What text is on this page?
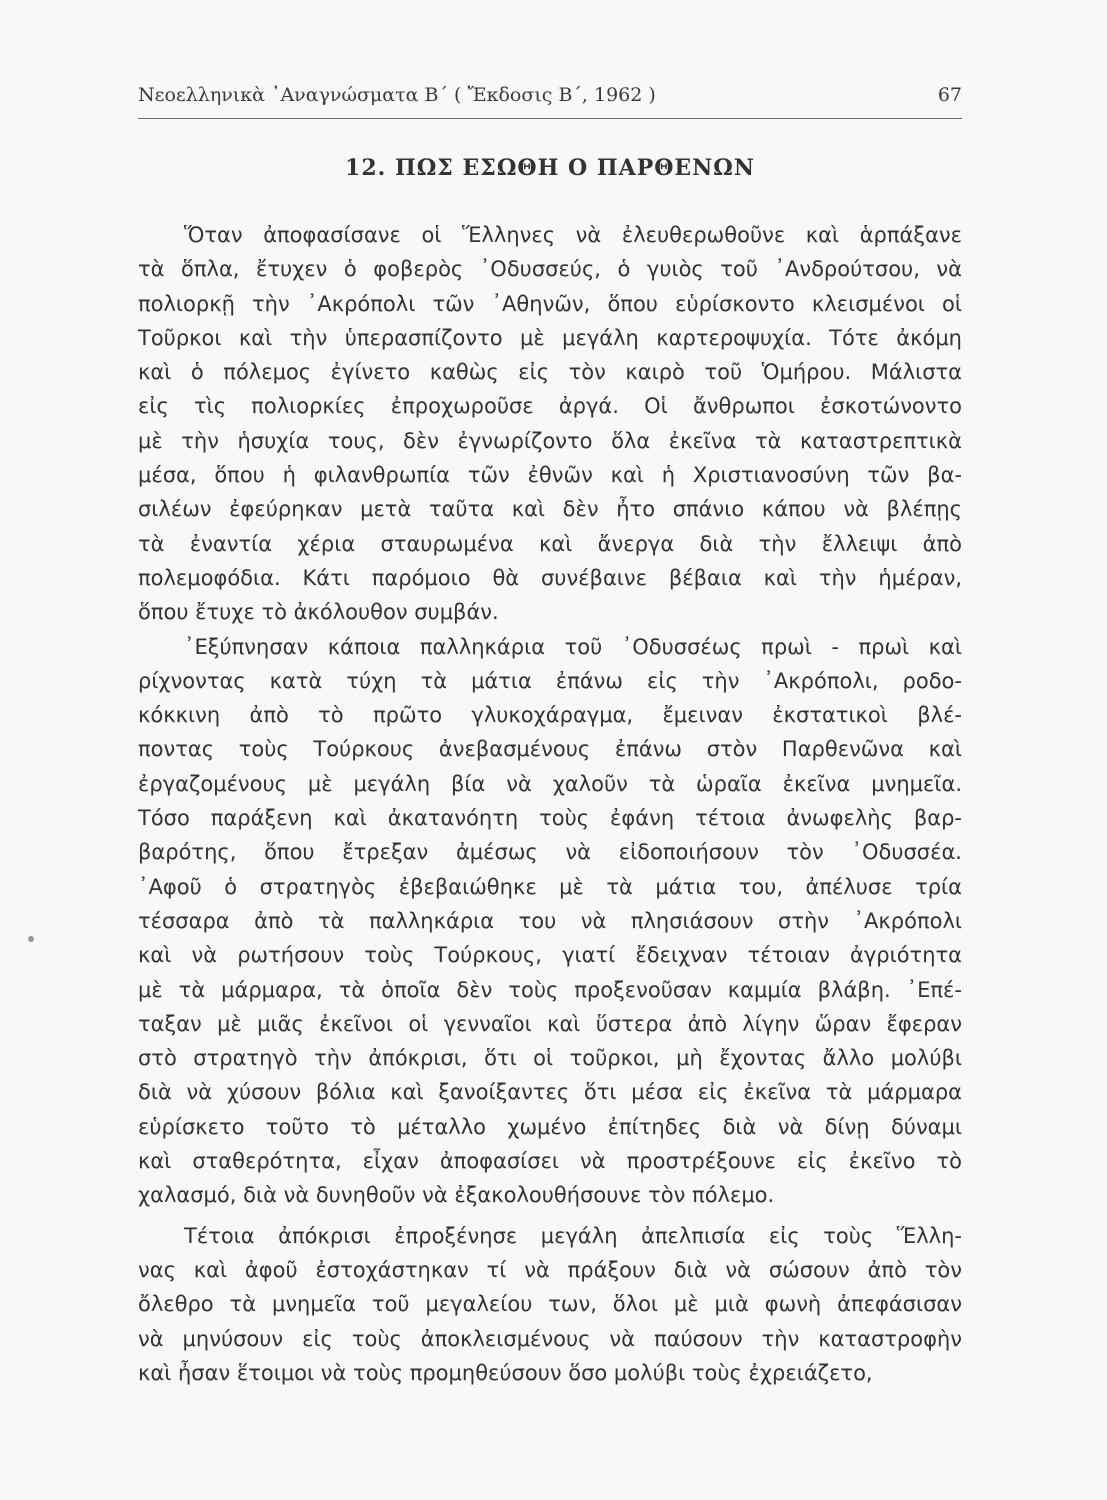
Νεοελληνικὰ ᾿Αναγνώσματα Β΄ ( Ἔκδοσις Β΄, 1962 )	67
12. ΠΩΣ ΕΣΩΘΗ Ο ΠΑΡΘΕΝΩΝ
Ὅταν ἀποφασίσανε οἱ Ἕλληνες νὰ ἐλευθερωθοῦνε καὶ ἁρπάξανε
τὰ ὅπλα, ἔτυχεν ὁ φοβερὸς ᾿Οδυσσεύς, ὁ γυιὸς τοῦ ᾿Ανδρούτσου, νὰ
πολιορκῇ τὴν ᾿Ακρόπολι τῶν ᾿Αθηνῶν, ὅπου εὑρίσκοντο κλεισμένοι οἱ
Τοῦρκοι καὶ τὴν ὑπερασπίζοντο μὲ μεγάλη καρτεροψυχία. Τότε ἀκόμη
καὶ ὁ πόλεμος ἐγίνετο καθὼς εἰς τὸν καιρὸ τοῦ Ὁμήρου. Μάλιστα
εἰς τὶς πολιορκίες ἐπροχωροῦσε ἀργά. Οἱ ἄνθρωποι ἐσκοτώνοντο
μὲ τὴν ἡσυχία τους, δὲν ἐγνωρίζοντο ὅλα ἐκεῖνα τὰ καταστρεπτικὰ
μέσα, ὅπου ἡ φιλανθρωπία τῶν ἐθνῶν καὶ ἡ Χριστιανοσύνη τῶν βα-
σιλέων ἐφεύρηκαν μετὰ ταῦτα καὶ δὲν ἦτο σπάνιο κάπου νὰ βλέπῃς
τὰ ἐναντία χέρια σταυρωμένα καὶ ἄνεργα διὰ τὴν ἔλλειψι ἀπὸ
πολεμοφόδια. Κάτι παρόμοιο θὰ συνέβαινε βέβαια καὶ τὴν ἡμέραν,
ὅπου ἔτυχε τὸ ἀκόλουθον συμβάν.
᾿Εξύπνησαν κάποια παλληκάρια τοῦ ᾿Οδυσσέως πρωὶ - πρωὶ καὶ
ρίχνοντας κατὰ τύχη τὰ μάτια ἐπάνω εἰς τὴν ᾿Ακρόπολι, ροδο-
κόκκινη ἀπὸ τὸ πρῶτο γλυκοχάραγμα, ἔμειναν ἐκστατικοὶ βλέ-
ποντας τοὺς Τούρκους ἀνεβασμένους ἐπάνω στὸν Παρθενῶνα καὶ
ἐργαζομένους μὲ μεγάλη βία νὰ χαλοῦν τὰ ὡραῖα ἐκεῖνα μνημεῖα.
Τόσο παράξενη καὶ ἀκατανόητη τοὺς ἐφάνη τέτοια ἀνωφελὴς βαρ-
βαρότης, ὅπου ἔτρεξαν ἀμέσως νὰ εἰδοποιήσουν τὸν ᾿Οδυσσέα.
᾿Αφοῦ ὁ στρατηγὸς ἐβεβαιώθηκε μὲ τὰ μάτια του, ἀπέλυσε τρία
τέσσαρα ἀπὸ τὰ παλληκάρια του νὰ πλησιάσουν στὴν ᾿Ακρόπολι
καὶ νὰ ρωτήσουν τοὺς Τούρκους, γιατί ἔδειχναν τέτοιαν ἀγριότητα
μὲ τὰ μάρμαρα, τὰ ὁποῖα δὲν τοὺς προξενοῦσαν καμμία βλάβη. ᾿Επέ-
ταξαν μὲ μιᾶς ἐκεῖνοι οἱ γενναῖοι καὶ ὕστερα ἀπὸ λίγην ὥραν ἔφεραν
στὸ στρατηγὸ τὴν ἀπόκρισι, ὅτι οἱ τοῦρκοι, μὴ ἔχοντας ἄλλο μολύβι
διὰ νὰ χύσουν βόλια καὶ ξανοίξαντες ὅτι μέσα εἰς ἐκεῖνα τὰ μάρμαρα
εὑρίσκετο τοῦτο τὸ μέταλλο χωμένο ἐπίτηδες διὰ νὰ δίνῃ δύναμι
καὶ σταθερότητα, εἶχαν ἀποφασίσει νὰ προστρέξουνε εἰς ἐκεῖνο τὸ
χαλασμό, διὰ νὰ δυνηθοῦν νὰ ἐξακολουθήσουνε τὸν πόλεμο.
Τέτοια ἀπόκρισι ἐπροξένησε μεγάλη ἀπελπισία εἰς τοὺς Ἕλλη-
νας καὶ ἀφοῦ ἐστοχάστηκαν τί νὰ πράξουν διὰ νὰ σώσουν ἀπὸ τὸν
ὄλεθρο τὰ μνημεῖα τοῦ μεγαλείου των, ὅλοι μὲ μιὰ φωνὴ ἀπεφάσισαν
νὰ μηνύσουν εἰς τοὺς ἀποκλεισμένους νὰ παύσουν τὴν καταστροφὴν
καὶ ἦσαν ἕτοιμοι νὰ τοὺς προμηθεύσουν ὅσο μολύβι τοὺς ἐχρειάζετο,
